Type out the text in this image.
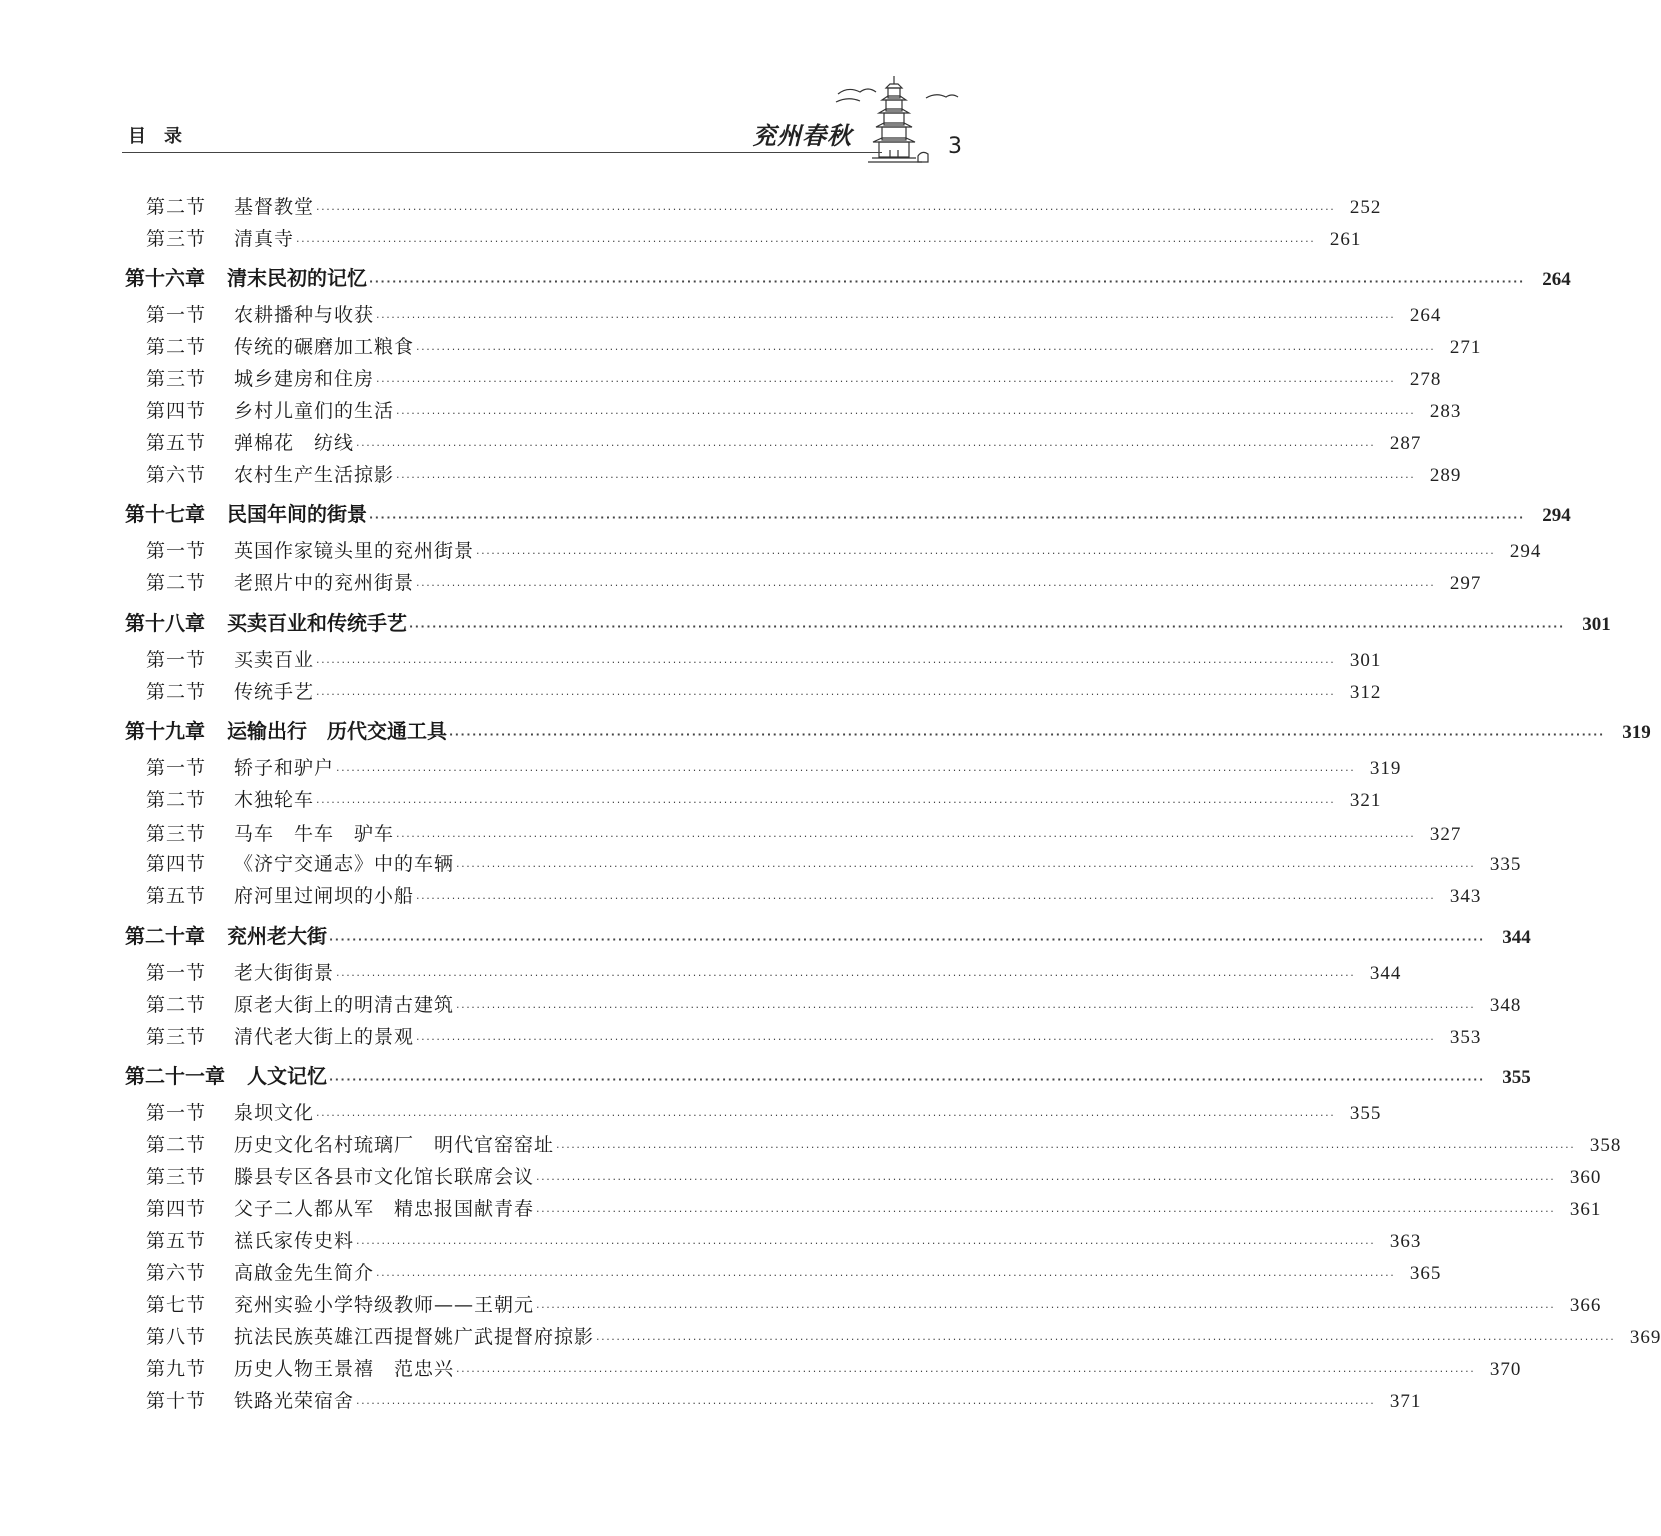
目录	兖州春秋	3
第二节	基督教堂 ········································································································································································································ 252
第三节	清真寺 ········································································································································································································ 261
第十六章 清末民初的记忆 ········································································································································································································ 264
第一节	农耕播种与收获 ········································································································································································································ 264
第二节	传统的碾磨加工粮食 ········································································································································································································ 271
第三节	城乡建房和住房 ········································································································································································································ 278
第四节	乡村儿童们的生活 ········································································································································································································ 283
第五节	弹棉花　纺线 ········································································································································································································ 287
第六节	农村生产生活掠影 ········································································································································································································ 289
第十七章 民国年间的街景 ········································································································································································································ 294
第一节	英国作家镜头里的兖州街景 ········································································································································································································ 294
第二节	老照片中的兖州街景 ········································································································································································································ 297
第十八章 买卖百业和传统手艺 ········································································································································································································ 301
第一节	买卖百业 ········································································································································································································ 301
第二节	传统手艺 ········································································································································································································ 312
第十九章 运输出行　历代交通工具 ········································································································································································································ 319
第一节	轿子和驴户 ········································································································································································································ 319
第二节	木独轮车 ········································································································································································································ 321
第三节	马车　牛车　驴车 ········································································································································································································ 327
第四节	《济宁交通志》中的车辆 ········································································································································································································ 335
第五节	府河里过闸坝的小船 ········································································································································································································ 343
第二十章 兖州老大街 ········································································································································································································ 344
第一节	老大街街景 ········································································································································································································ 344
第二节	原老大街上的明清古建筑 ········································································································································································································ 348
第三节	清代老大街上的景观 ········································································································································································································ 353
第二十一章 人文记忆 ········································································································································································································ 355
第一节	泉坝文化 ········································································································································································································ 355
第二节	历史文化名村琉璃厂　明代官窑窑址 ········································································································································································································ 358
第三节	滕县专区各县市文化馆长联席会议 ········································································································································································································ 360
第四节	父子二人都从军　精忠报国献青春 ········································································································································································································ 361
第五节	禚氏家传史料 ········································································································································································································ 363
第六节	高啟金先生简介 ········································································································································································································ 365
第七节	兖州实验小学特级教师——王朝元 ········································································································································································································ 366
第八节	抗法民族英雄江西提督姚广武提督府掠影 ········································································································································································································ 369
第九节	历史人物王景禧　范忠兴 ········································································································································································································ 370
第十节	铁路光荣宿舍 ········································································································································································································ 371
